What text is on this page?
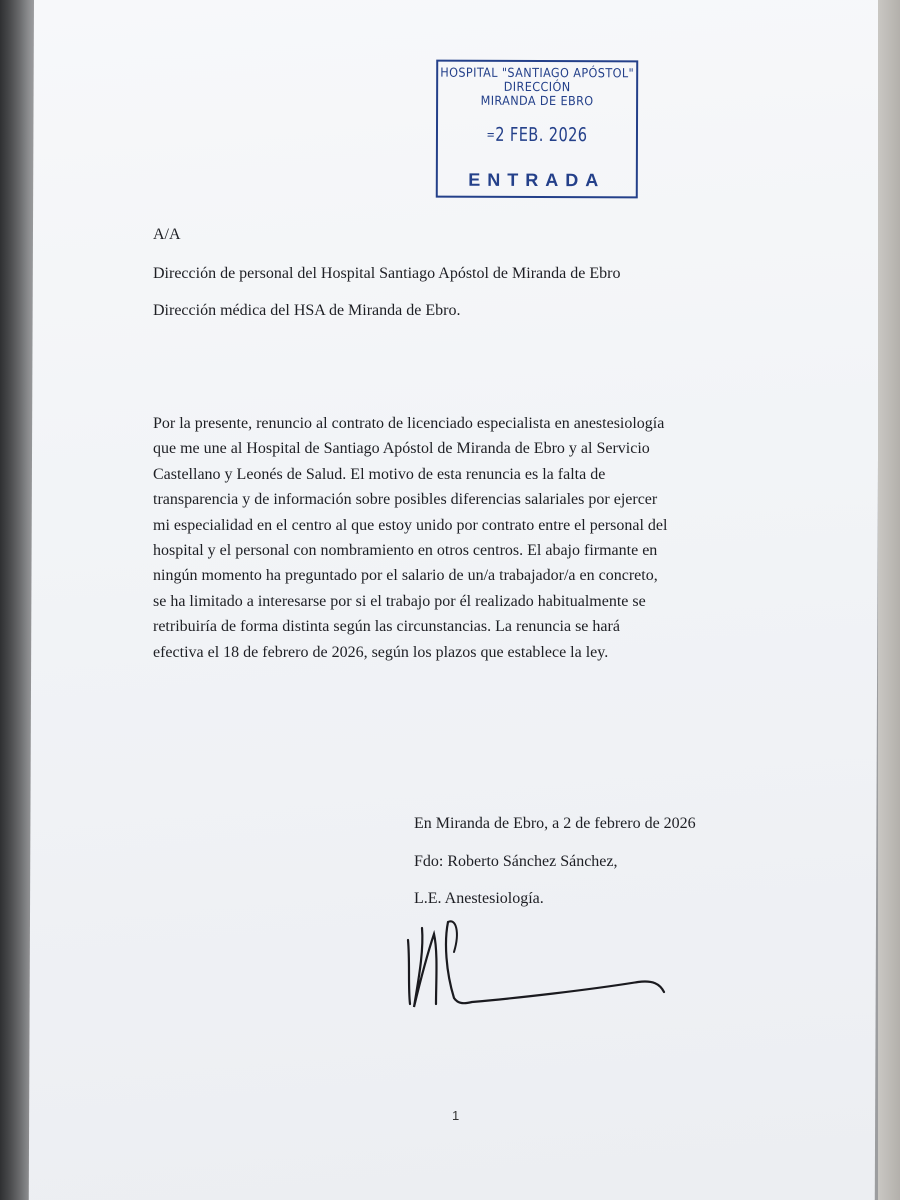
HOSPITAL "SANTIAGO APÓSTOL"
DIRECCIÓN
MIRANDA DE EBRO
=2 FEB. 2026
ENTRADA
A/A
Dirección de personal del Hospital Santiago Apóstol de Miranda de Ebro
Dirección médica del HSA de Miranda de Ebro.
Por la presente, renuncio al contrato de licenciado especialista en anestesiología
que me une al Hospital de Santiago Apóstol de Miranda de Ebro y al Servicio
Castellano y Leonés de Salud. El motivo de esta renuncia es la falta de
transparencia y de información sobre posibles diferencias salariales por ejercer
mi especialidad en el centro al que estoy unido por contrato entre el personal del
hospital y el personal con nombramiento en otros centros. El abajo firmante en
ningún momento ha preguntado por el salario de un/a trabajador/a en concreto,
se ha limitado a interesarse por si el trabajo por él realizado habitualmente se
retribuiría de forma distinta según las circunstancias. La renuncia se hará
efectiva el 18 de febrero de 2026, según los plazos que establece la ley.
En Miranda de Ebro, a 2 de febrero de 2026
Fdo: Roberto Sánchez Sánchez,
L.E. Anestesiología.
1
